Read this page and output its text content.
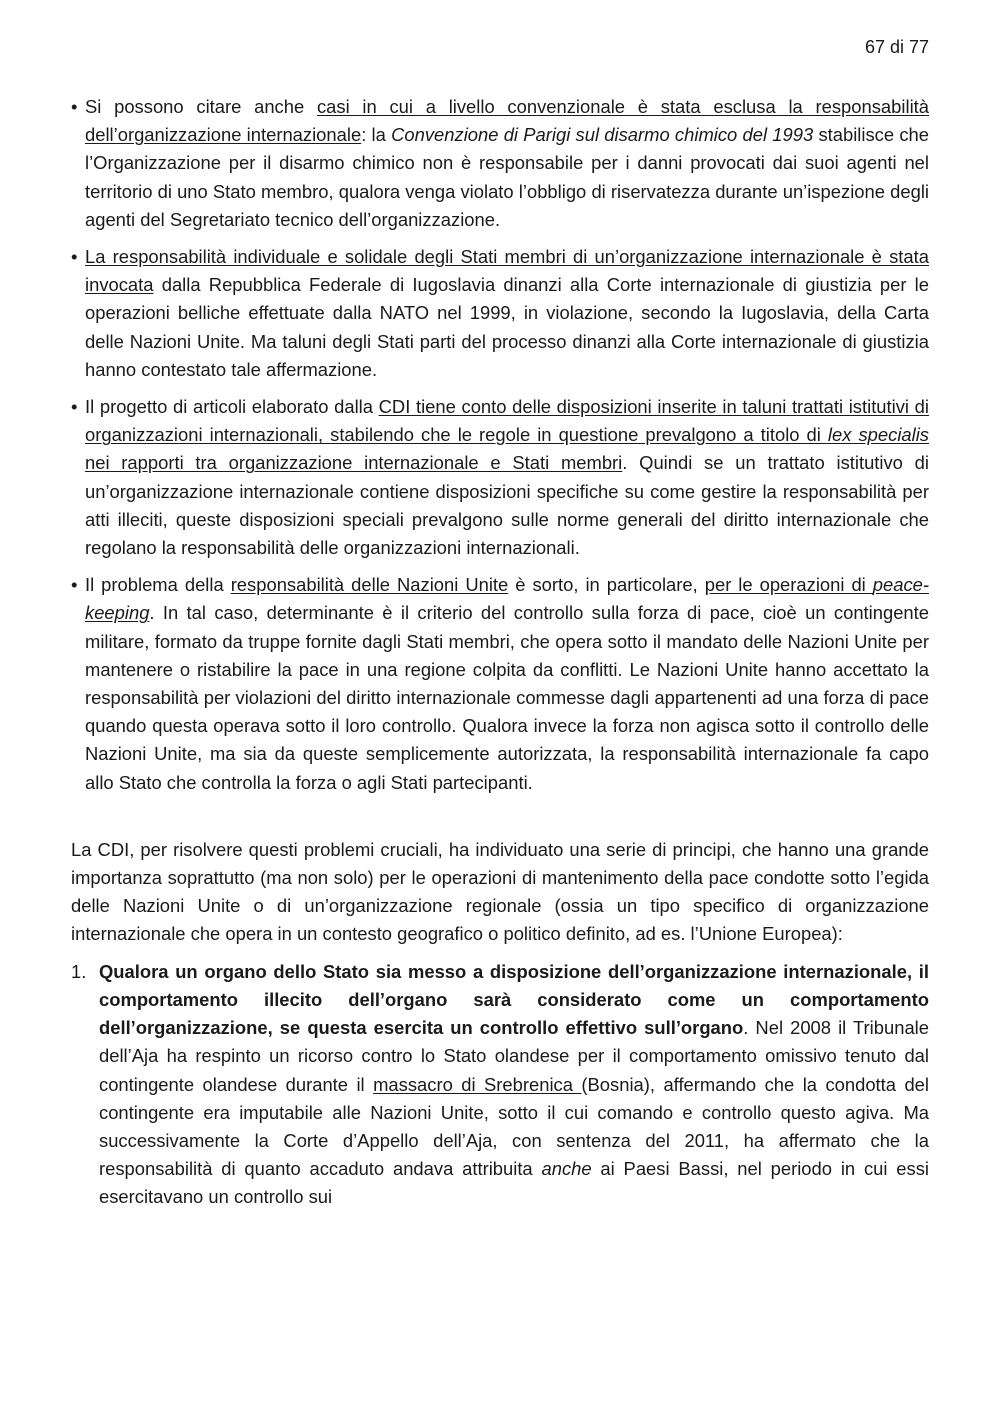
67 di 77
• Si possono citare anche casi in cui a livello convenzionale è stata esclusa la responsabilità dell’organizzazione internazionale: la Convenzione di Parigi sul disarmo chimico del 1993 stabilisce che l’Organizzazione per il disarmo chimico non è responsabile per i danni provocati dai suoi agenti nel territorio di uno Stato membro, qualora venga violato l’obbligo di riservatezza durante un’ispezione degli agenti del Segretariato tecnico dell’organizzazione.
• La responsabilità individuale e solidale degli Stati membri di un’organizzazione internazionale è stata invocata dalla Repubblica Federale di Iugoslavia dinanzi alla Corte internazionale di giustizia per le operazioni belliche effettuate dalla NATO nel 1999, in violazione, secondo la Iugoslavia, della Carta delle Nazioni Unite. Ma taluni degli Stati parti del processo dinanzi alla Corte internazionale di giustizia hanno contestato tale affermazione.
• Il progetto di articoli elaborato dalla CDI tiene conto delle disposizioni inserite in taluni trattati istitutivi di organizzazioni internazionali, stabilendo che le regole in questione prevalgono a titolo di lex specialis nei rapporti tra organizzazione internazionale e Stati membri. Quindi se un trattato istitutivo di un’organizzazione internazionale contiene disposizioni specifiche su come gestire la responsabilità per atti illeciti, queste disposizioni speciali prevalgono sulle norme generali del diritto internazionale che regolano la responsabilità delle organizzazioni internazionali.
• Il problema della responsabilità delle Nazioni Unite è sorto, in particolare, per le operazioni di peace-keeping. In tal caso, determinante è il criterio del controllo sulla forza di pace, cioè un contingente militare, formato da truppe fornite dagli Stati membri, che opera sotto il mandato delle Nazioni Unite per mantenere o ristabilire la pace in una regione colpita da conflitti. Le Nazioni Unite hanno accettato la responsabilità per violazioni del diritto internazionale commesse dagli appartenenti ad una forza di pace quando questa operava sotto il loro controllo. Qualora invece la forza non agisca sotto il controllo delle Nazioni Unite, ma sia da queste semplicemente autorizzata, la responsabilità internazionale fa capo allo Stato che controlla la forza o agli Stati partecipanti.

La CDI, per risolvere questi problemi cruciali, ha individuato una serie di principi, che hanno una grande importanza soprattutto (ma non solo) per le operazioni di mantenimento della pace condotte sotto l’egida delle Nazioni Unite o di un’organizzazione regionale (ossia un tipo specifico di organizzazione internazionale che opera in un contesto geografico o politico definito, ad es. l’Unione Europea):

1. Qualora un organo dello Stato sia messo a disposizione dell’organizzazione internazionale, il comportamento illecito dell’organo sarà considerato come un comportamento dell’organizzazione, se questa esercita un controllo effettivo sull’organo. Nel 2008 il Tribunale dell’Aja ha respinto un ricorso contro lo Stato olandese per il comportamento omissivo tenuto dal contingente olandese durante il massacro di Srebrenica (Bosnia), affermando che la condotta del contingente era imputabile alle Nazioni Unite, sotto il cui comando e controllo questo agiva. Ma successivamente la Corte d’Appello dell’Aja, con sentenza del 2011, ha affermato che la responsabilità di quanto accaduto andava attribuita anche ai Paesi Bassi, nel periodo in cui essi esercitavano un controllo sui
